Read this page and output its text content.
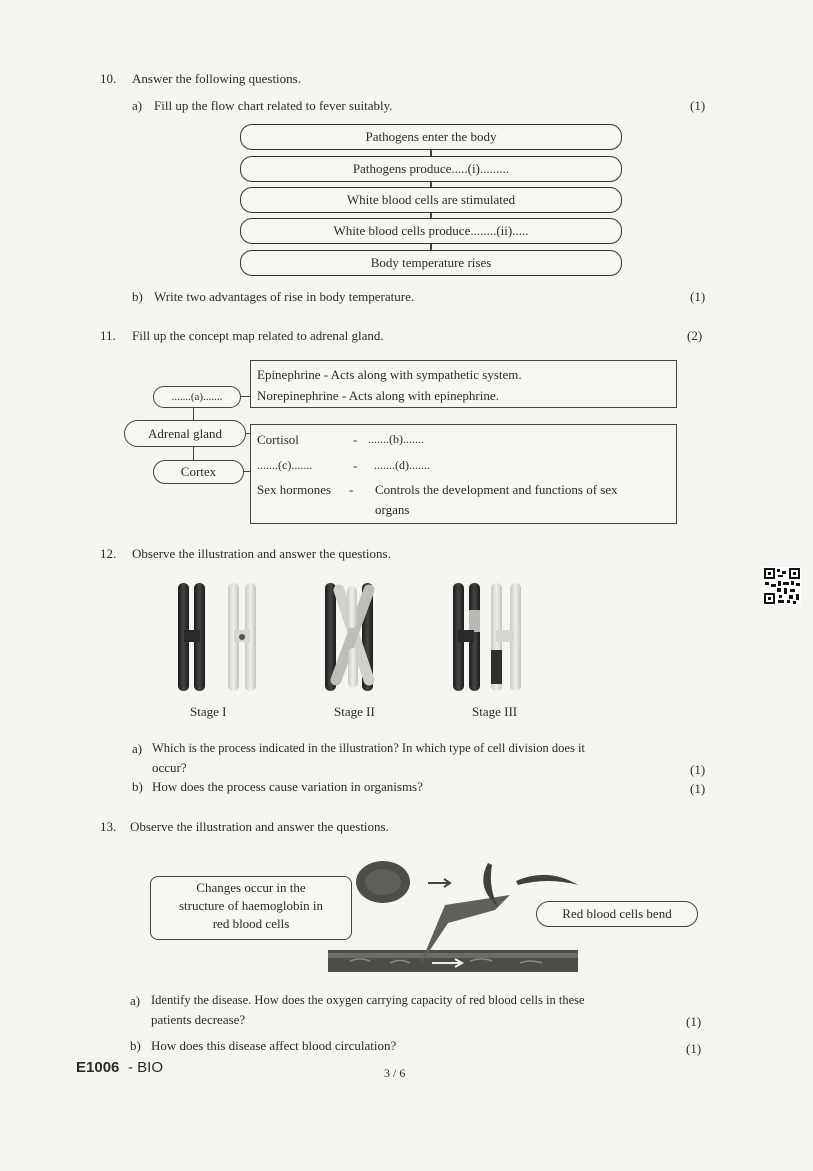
10. Answer the following questions.
a) Fill up the flow chart related to fever suitably.	(1)
Pathogens enter the body
Pathogens produce.....(i).........
White blood cells are stimulated
White blood cells produce........(ii).....
Body temperature rises
b) Write two advantages of rise in body temperature.	(1)
11. Fill up the concept map related to adrenal gland.	(2)
.......(a).......
Adrenal gland
Cortex
Epinephrine - Acts along with sympathetic system.
Norepinephrine - Acts along with epinephrine.
Cortisol	- .......(b).......
.......(c).......	- .......(d).......
Sex hormones - Controls the development and functions of sex
organs
12. Observe the illustration and answer the questions.
Stage I	Stage II	Stage III
a) Which is the process indicated in the illustration? In which type of cell division does it
occur?	(1)
b) How does the process cause variation in organisms?	(1)
13. Observe the illustration and answer the questions.
Changes occur in the
structure of haemoglobin in
red blood cells
Red blood cells bend
a) Identify the disease. How does the oxygen carrying capacity of red blood cells in these
patients decrease?	(1)
b) How does this disease affect blood circulation?	(1)
E1006 - BIO	3 / 6
